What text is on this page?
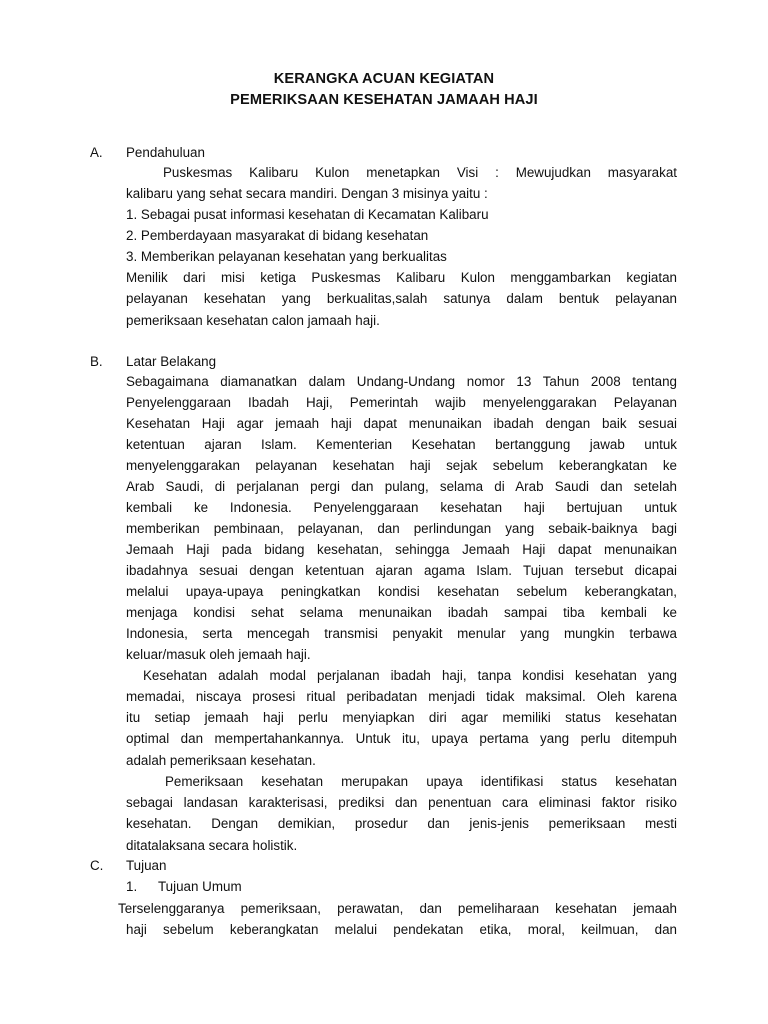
KERANGKA ACUAN KEGIATAN
PEMERIKSAAN KESEHATAN JAMAAH HAJI
A. Pendahuluan
Puskesmas Kalibaru Kulon menetapkan Visi : Mewujudkan masyarakat
kalibaru yang sehat secara mandiri. Dengan 3 misinya yaitu :
1. Sebagai pusat informasi kesehatan di Kecamatan Kalibaru
2. Pemberdayaan masyarakat di bidang kesehatan
3. Memberikan pelayanan kesehatan yang berkualitas
Menilik dari misi ketiga Puskesmas Kalibaru Kulon menggambarkan kegiatan
pelayanan kesehatan yang berkualitas,salah satunya dalam bentuk pelayanan
pemeriksaan kesehatan calon jamaah haji.
B. Latar Belakang
Sebagaimana diamanatkan dalam Undang-Undang nomor 13 Tahun 2008 tentang
Penyelenggaraan Ibadah Haji, Pemerintah wajib menyelenggarakan Pelayanan
Kesehatan Haji agar jemaah haji dapat menunaikan ibadah dengan baik sesuai
ketentuan ajaran Islam. Kementerian Kesehatan bertanggung jawab untuk
menyelenggarakan pelayanan kesehatan haji sejak sebelum keberangkatan ke
Arab Saudi, di perjalanan pergi dan pulang, selama di Arab Saudi dan setelah
kembali ke Indonesia. Penyelenggaraan kesehatan haji bertujuan untuk
memberikan pembinaan, pelayanan, dan perlindungan yang sebaik-baiknya bagi
Jemaah Haji pada bidang kesehatan, sehingga Jemaah Haji dapat menunaikan
ibadahnya sesuai dengan ketentuan ajaran agama Islam. Tujuan tersebut dicapai
melalui upaya-upaya peningkatkan kondisi kesehatan sebelum keberangkatan,
menjaga kondisi sehat selama menunaikan ibadah sampai tiba kembali ke
Indonesia, serta mencegah transmisi penyakit menular yang mungkin terbawa
keluar/masuk oleh jemaah haji.
Kesehatan adalah modal perjalanan ibadah haji, tanpa kondisi kesehatan yang
memadai, niscaya prosesi ritual peribadatan menjadi tidak maksimal. Oleh karena
itu setiap jemaah haji perlu menyiapkan diri agar memiliki status kesehatan
optimal dan mempertahankannya. Untuk itu, upaya pertama yang perlu ditempuh
adalah pemeriksaan kesehatan.
Pemeriksaan kesehatan merupakan upaya identifikasi status kesehatan
sebagai landasan karakterisasi, prediksi dan penentuan cara eliminasi faktor risiko
kesehatan. Dengan demikian, prosedur dan jenis-jenis pemeriksaan mesti
ditatalaksana secara holistik.
C. Tujuan
1. Tujuan Umum
Terselenggaranya pemeriksaan, perawatan, dan pemeliharaan kesehatan jemaah
haji sebelum keberangkatan melalui pendekatan etika, moral, keilmuan, dan
